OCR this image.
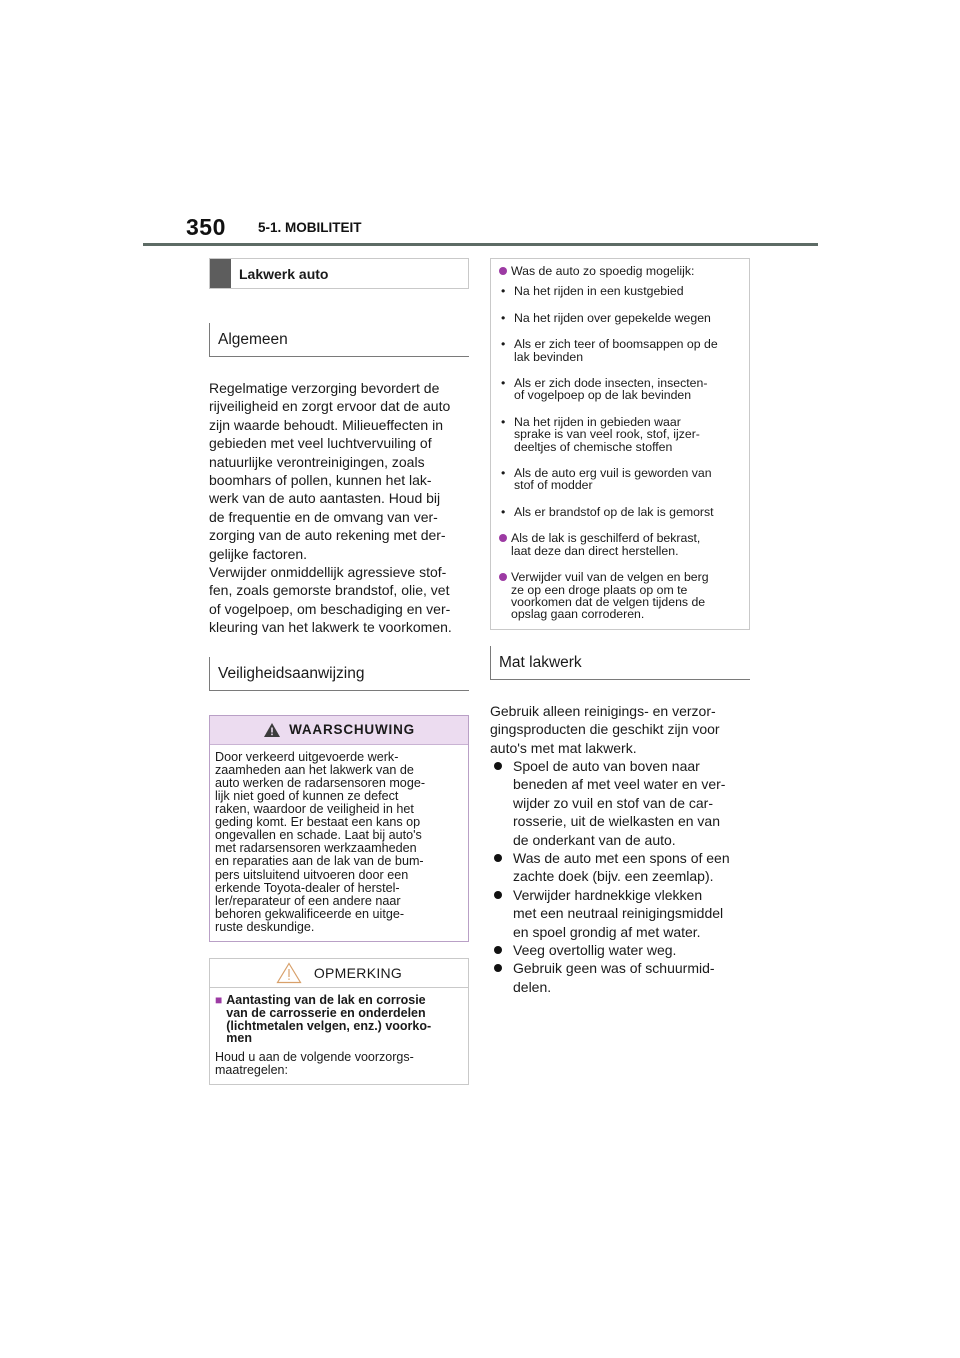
350 5-1. MOBILITEIT
Lakwerk auto
Algemeen

Regelmatige verzorging bevordert de
rijveiligheid en zorgt ervoor dat de auto
zijn waarde behoudt. Milieueffecten in
gebieden met veel luchtvervuiling of
natuurlijke verontreinigingen, zoals
boomhars of pollen, kunnen het lak-
werk van de auto aantasten. Houd bij
de frequentie en de omvang van ver-
zorging van de auto rekening met der-
gelijke factoren.
Verwijder onmiddellijk agressieve stof-
fen, zoals gemorste brandstof, olie, vet
of vogelpoep, om beschadiging en ver-
kleuring van het lakwerk te voorkomen.

Veiligheidsaanwijzing
WAARSCHUWING
Door verkeerd uitgevoerde werk-
zaamheden aan het lakwerk van de
auto werken de radarsensoren moge-
lijk niet goed of kunnen ze defect
raken, waardoor de veiligheid in het
geding komt. Er bestaat een kans op
ongevallen en schade. Laat bij auto's
met radarsensoren werkzaamheden
en reparaties aan de lak van de bum-
pers uitsluitend uitvoeren door een
erkende Toyota-dealer of herstel-
ler/reparateur of een andere naar
behoren gekwalificeerde en uitge-
ruste deskundige.
OPMERKING
■ Aantasting van de lak en corrosie
van de carrosserie en onderdelen
(lichtmetalen velgen, enz.) voorko-
men
Houd u aan de volgende voorzorgs-
maatregelen:
Was de auto zo spoedig mogelijk:
• Na het rijden in een kustgebied
• Na het rijden over gepekelde wegen
• Als er zich teer of boomsappen op de
lak bevinden
• Als er zich dode insecten, insecten-
of vogelpoep op de lak bevinden
• Na het rijden in gebieden waar
sprake is van veel rook, stof, ijzer-
deeltjes of chemische stoffen
• Als de auto erg vuil is geworden van
stof of modder
• Als er brandstof op de lak is gemorst
Als de lak is geschilferd of bekrast,
laat deze dan direct herstellen.
Verwijder vuil van de velgen en berg
ze op een droge plaats op om te
voorkomen dat de velgen tijdens de
opslag gaan corroderen.
Mat lakwerk

Gebruik alleen reinigings- en verzor-
gingsproducten die geschikt zijn voor
auto's met mat lakwerk.

Spoel de auto van boven naar
beneden af met veel water en ver-
wijder zo vuil en stof van de car-
rosserie, uit de wielkasten en van
de onderkant van de auto.
Was de auto met een spons of een
zachte doek (bijv. een zeemlap).
Verwijder hardnekkige vlekken
met een neutraal reinigingsmiddel
en spoel grondig af met water.
Veeg overtollig water weg.
Gebruik geen was of schuurmid-
delen.
